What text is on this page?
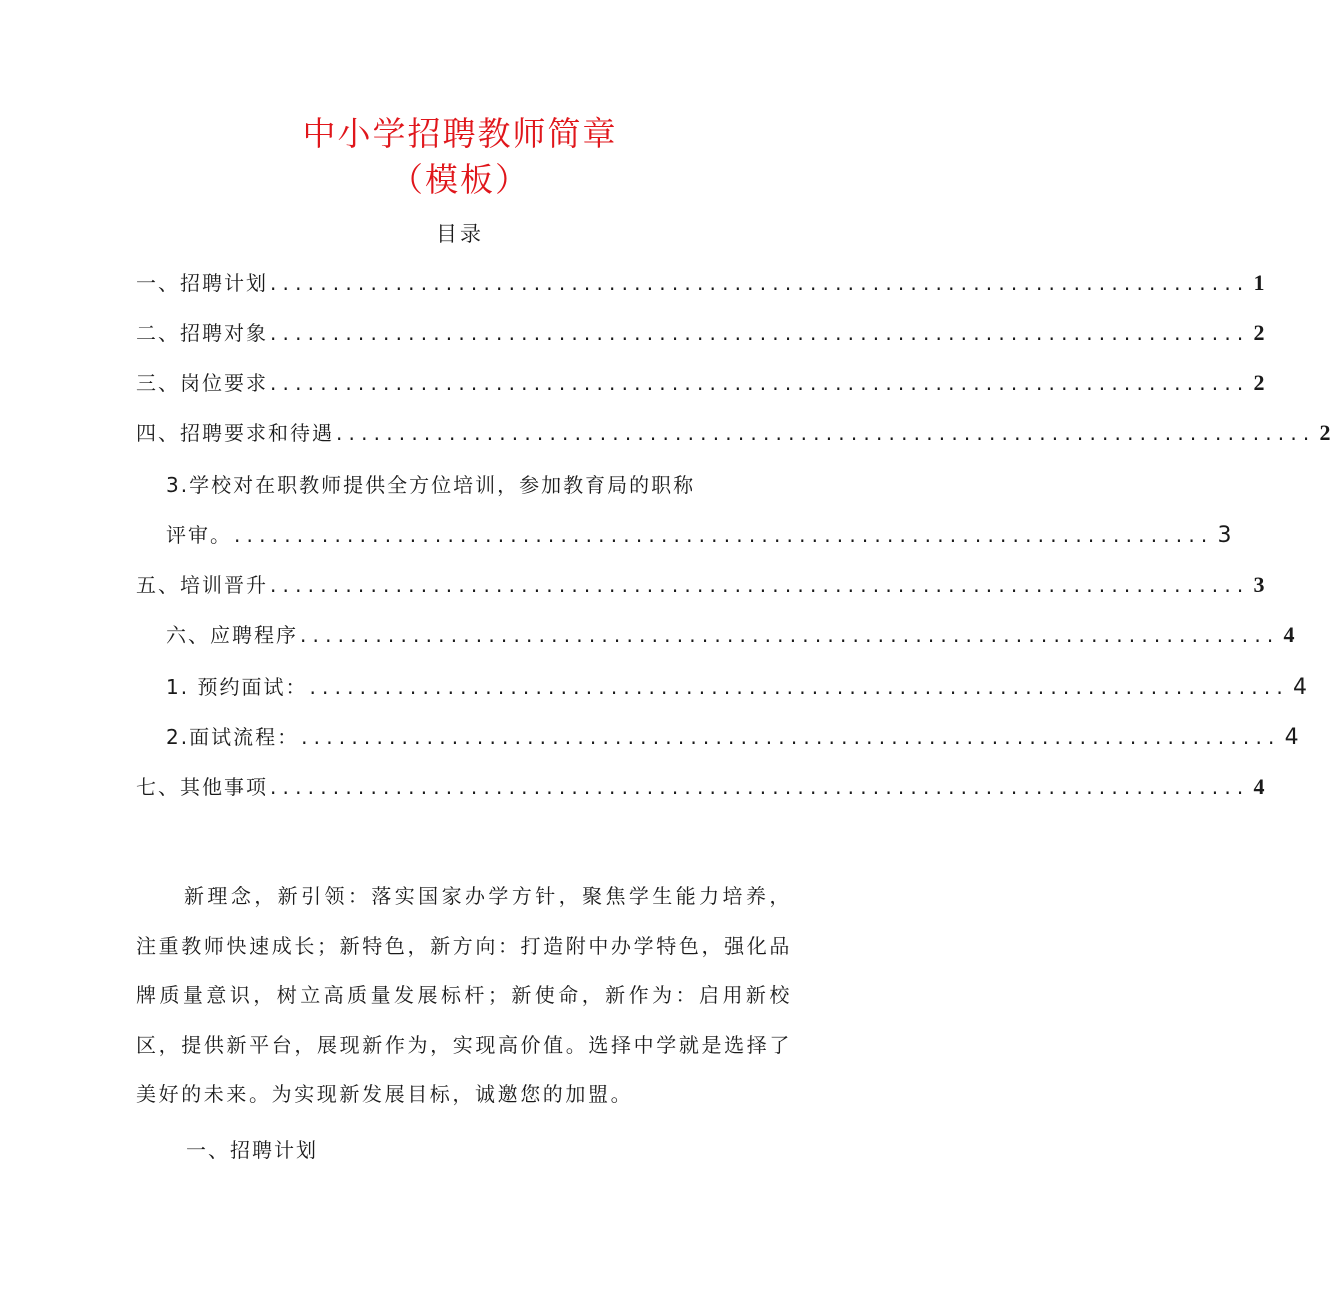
中小学招聘教师简章
（模板）
目录
一、招聘计划 .............................................................................. 1
二、招聘对象 .............................................................................. 2
三、岗位要求 .............................................................................. 2
四、招聘要求和待遇 .............................................................................. 2
3.学校对在职教师提供全方位培训，参加教育局的职称
评审。 .............................................................................. 3
五、培训晋升 .............................................................................. 3
六、应聘程序 .............................................................................. 4
1. 预约面试： .............................................................................. 4
2.面试流程： .............................................................................. 4
七、其他事项 .............................................................................. 4

新理念，新引领：落实国家办学方针，聚焦学生能力培养，注重教师快速成长；新特色，新方向：打造附中办学特色，强化品牌质量意识，树立高质量发展标杆；新使命，新作为：启用新校区，提供新平台，展现新作为，实现高价值。选择中学就是选择了美好的未来。为实现新发展目标，诚邀您的加盟。

一、招聘计划
